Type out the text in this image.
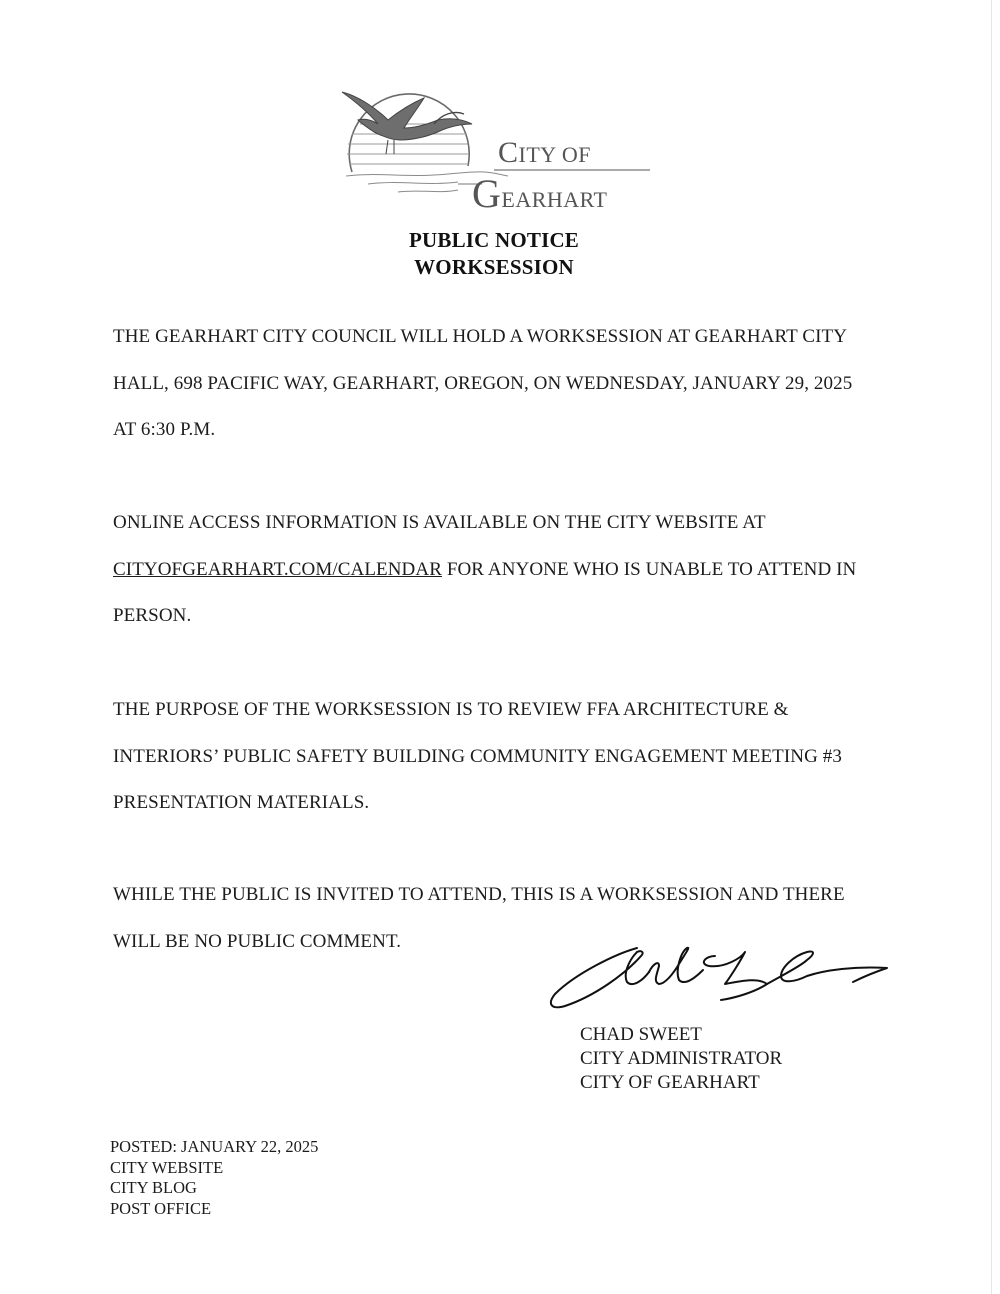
CITY OF
GEARHART
PUBLIC NOTICE
WORKSESSION
THE GEARHART CITY COUNCIL WILL HOLD A WORKSESSION AT GEARHART CITY
HALL, 698 PACIFIC WAY, GEARHART, OREGON, ON WEDNESDAY, JANUARY 29, 2025
AT 6:30 P.M.
ONLINE ACCESS INFORMATION IS AVAILABLE ON THE CITY WEBSITE AT
CITYOFGEARHART.COM/CALENDAR FOR ANYONE WHO IS UNABLE TO ATTEND IN
PERSON.
THE PURPOSE OF THE WORKSESSION IS TO REVIEW FFA ARCHITECTURE &
INTERIORS’ PUBLIC SAFETY BUILDING COMMUNITY ENGAGEMENT MEETING #3
PRESENTATION MATERIALS.
WHILE THE PUBLIC IS INVITED TO ATTEND, THIS IS A WORKSESSION AND THERE
WILL BE NO PUBLIC COMMENT.
CHAD SWEET
CITY ADMINISTRATOR
CITY OF GEARHART
POSTED: JANUARY 22, 2025
CITY WEBSITE
CITY BLOG
POST OFFICE
